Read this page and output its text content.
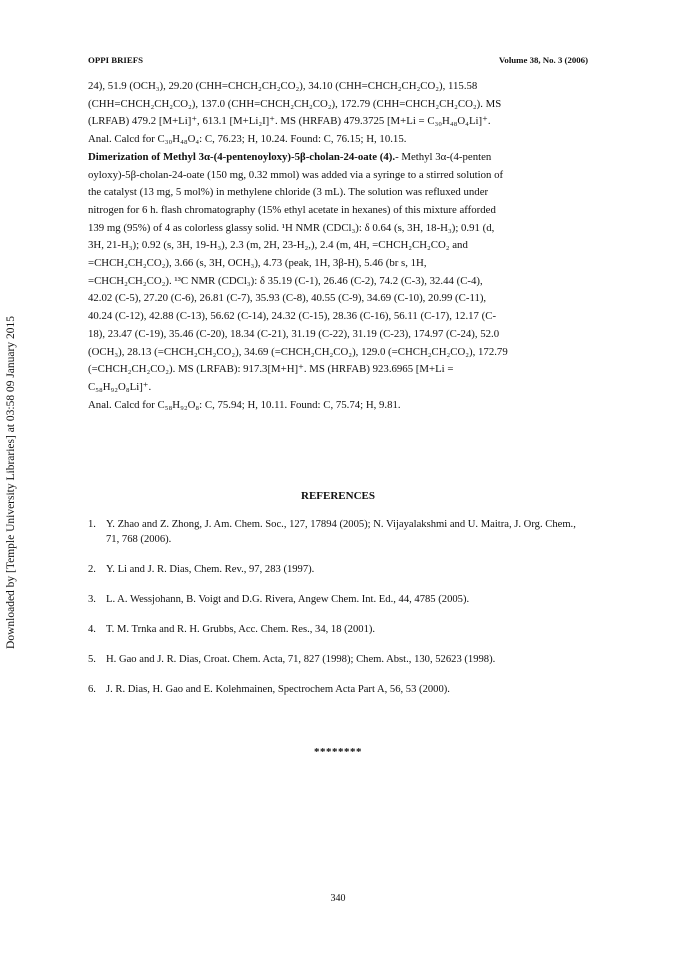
Downloaded by [Temple University Libraries] at 03:58 09 January 2015
OPPI BRIEFS	Volume 38, No. 3 (2006)

24), 51.9 (OCH₃), 29.20 (CHH=CHCH₂CH₂CO₂), 34.10 (CHH=CHCH₂CH₂CO₂), 115.58

(CHH=CHCH₂CH₂CO₂), 137.0 (CHH=CHCH₂CH₂CO₂), 172.79 (CHH=CHCH₂CH₂CO₂). MS

(LRFAB) 479.2 [M+Li]⁺, 613.1 [M+Li₂I]⁺. MS (HRFAB) 479.3725 [M+Li = C₃₀H₄₈O₄Li]⁺.

Anal. Calcd for C₃₀H₄₈O₄: C, 76.23; H, 10.24. Found: C, 76.15; H, 10.15.

Dimerization of Methyl 3α-(4-pentenoyloxy)-5β-cholan-24-oate (4).- Methyl 3α-(4-penten

oyloxy)-5β-cholan-24-oate (150 mg, 0.32 mmol) was added via a syringe to a stirred solution of

the catalyst (13 mg, 5 mol%) in methylene chloride (3 mL). The solution was refluxed under

nitrogen for 6 h. flash chromatography (15% ethyl acetate in hexanes) of this mixture afforded

139 mg (95%) of 4 as colorless glassy solid. ¹H NMR (CDCl₃): δ 0.64 (s, 3H, 18-H₃); 0.91 (d,

3H, 21-H₃); 0.92 (s, 3H, 19-H₃), 2.3 (m, 2H, 23-H₂,), 2.4 (m, 4H, =CHCH₂CH₂CO₂ and

=CHCH₂CH₂CO₂), 3.66 (s, 3H, OCH₃), 4.73 (peak, 1H, 3β-H), 5.46 (br s, 1H,

=CHCH₂CH₂CO₂). ¹³C NMR (CDCl₃): δ 35.19 (C-1), 26.46 (C-2), 74.2 (C-3), 32.44 (C-4),

42.02 (C-5), 27.20 (C-6), 26.81 (C-7), 35.93 (C-8), 40.55 (C-9), 34.69 (C-10), 20.99 (C-11),

40.24 (C-12), 42.88 (C-13), 56.62 (C-14), 24.32 (C-15), 28.36 (C-16), 56.11 (C-17), 12.17 (C-

18), 23.47 (C-19), 35.46 (C-20), 18.34 (C-21), 31.19 (C-22), 31.19 (C-23), 174.97 (C-24), 52.0

(OCH₃), 28.13 (=CHCH₂CH₂CO₂), 34.69 (=CHCH₂CH₂CO₂), 129.0 (=CHCH₂CH₂CO₂), 172.79

(=CHCH₂CH₂CO₂). MS (LRFAB): 917.3[M+H]⁺. MS (HRFAB) 923.6965 [M+Li =

C₅₈H₉₂O₈Li]⁺.

Anal. Calcd for C₅₈H₉₂O₈: C, 75.94; H, 10.11. Found: C, 75.74; H, 9.81.

REFERENCES
1. Y. Zhao and Z. Zhong, J. Am. Chem. Soc., 127, 17894 (2005); N. Vijayalakshmi and U. Maitra, J. Org. Chem., 71, 768 (2006).
2. Y. Li and J. R. Dias, Chem. Rev., 97, 283 (1997).
3. L. A. Wessjohann, B. Voigt and D.G. Rivera, Angew Chem. Int. Ed., 44, 4785 (2005).
4. T. M. Trnka and R. H. Grubbs, Acc. Chem. Res., 34, 18 (2001).
5. H. Gao and J. R. Dias, Croat. Chem. Acta, 71, 827 (1998); Chem. Abst., 130, 52623 (1998).
6. J. R. Dias, H. Gao and E. Kolehmainen, Spectrochem Acta Part A, 56, 53 (2000).
********
340
